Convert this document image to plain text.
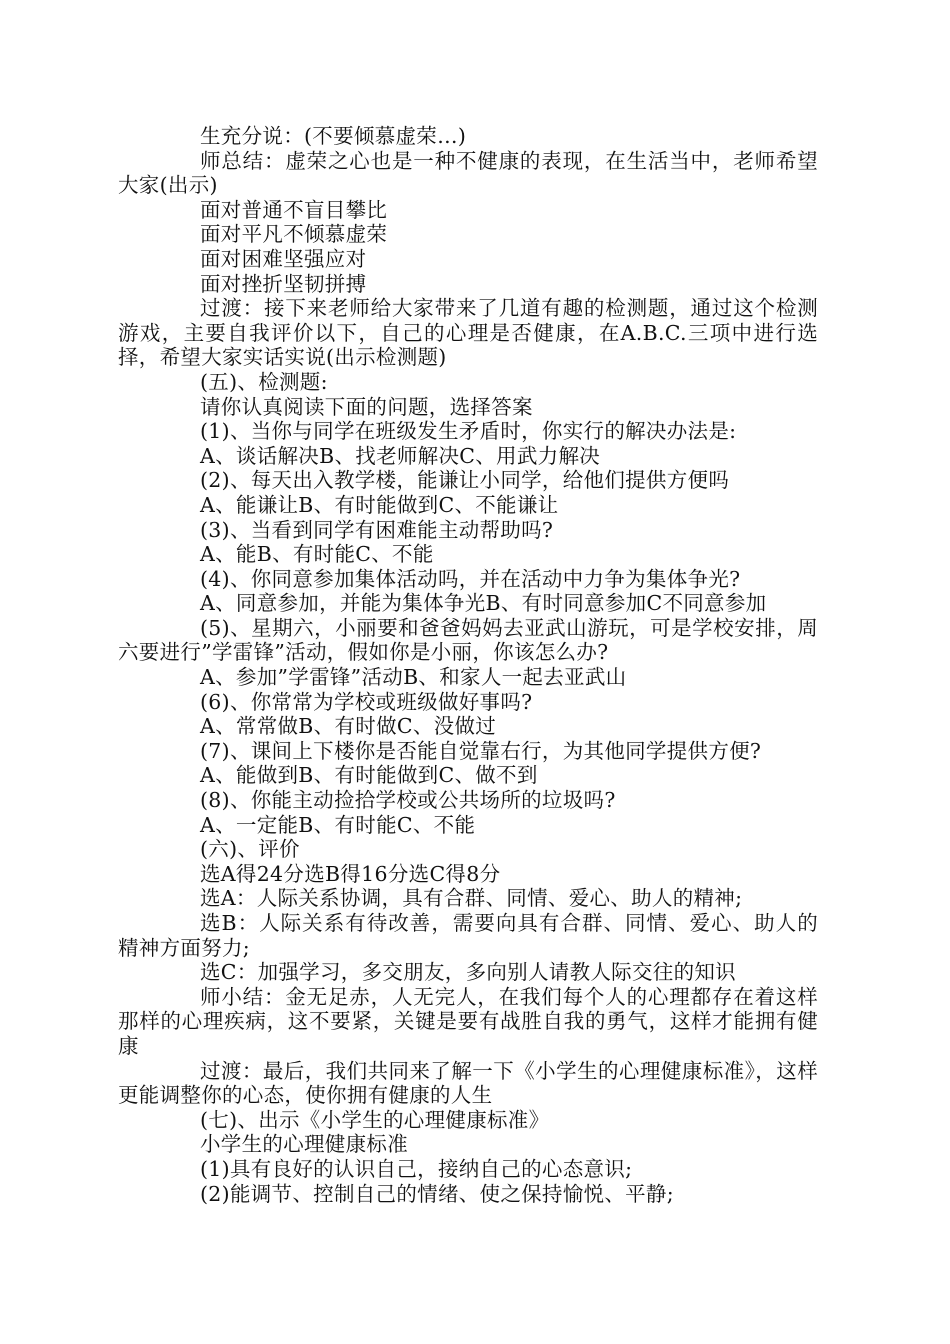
生充分说：(不要倾慕虚荣…)

师总结：虚荣之心也是一种不健康的表现，在生活当中，老师希望大家(出示)

面对普通不盲目攀比

面对平凡不倾慕虚荣

面对困难坚强应对

面对挫折坚韧拼搏

过渡：接下来老师给大家带来了几道有趣的检测题，通过这个检测游戏，主要自我评价以下，自己的心理是否健康，在A.B.C.三项中进行选择，希望大家实话实说(出示检测题)

(五)、检测题:

请你认真阅读下面的问题，选择答案

(1)、当你与同学在班级发生矛盾时，你实行的解决办法是:

A、谈话解决B、找老师解决C、用武力解决

(2)、每天出入教学楼，能谦让小同学，给他们提供方便吗

A、能谦让B、有时能做到C、不能谦让

(3)、当看到同学有困难能主动帮助吗?

A、能B、有时能C、不能

(4)、你同意参加集体活动吗，并在活动中力争为集体争光?

A、同意参加，并能为集体争光B、有时同意参加C不同意参加

(5)、星期六，小丽要和爸爸妈妈去亚武山游玩，可是学校安排，周六要进行”学雷锋”活动，假如你是小丽，你该怎么办?

A、参加”学雷锋”活动B、和家人一起去亚武山

(6)、你常常为学校或班级做好事吗?

A、常常做B、有时做C、没做过

(7)、课间上下楼你是否能自觉靠右行，为其他同学提供方便?

A、能做到B、有时能做到C、做不到

(8)、你能主动捡拾学校或公共场所的垃圾吗?

A、一定能B、有时能C、不能

(六)、评价

选A得24分选B得16分选C得8分

选A：人际关系协调，具有合群、同情、爱心、助人的精神;

选B：人际关系有待改善，需要向具有合群、同情、爱心、助人的精神方面努力;

选C：加强学习，多交朋友，多向别人请教人际交往的知识

师小结：金无足赤，人无完人，在我们每个人的心理都存在着这样那样的心理疾病，这不要紧，关键是要有战胜自我的勇气，这样才能拥有健康

过渡：最后，我们共同来了解一下《小学生的心理健康标准》，这样更能调整你的心态，使你拥有健康的人生

(七)、出示《小学生的心理健康标准》

小学生的心理健康标准

(1)具有良好的认识自己，接纳自己的心态意识;

(2)能调节、控制自己的情绪、使之保持愉悦、平静;
